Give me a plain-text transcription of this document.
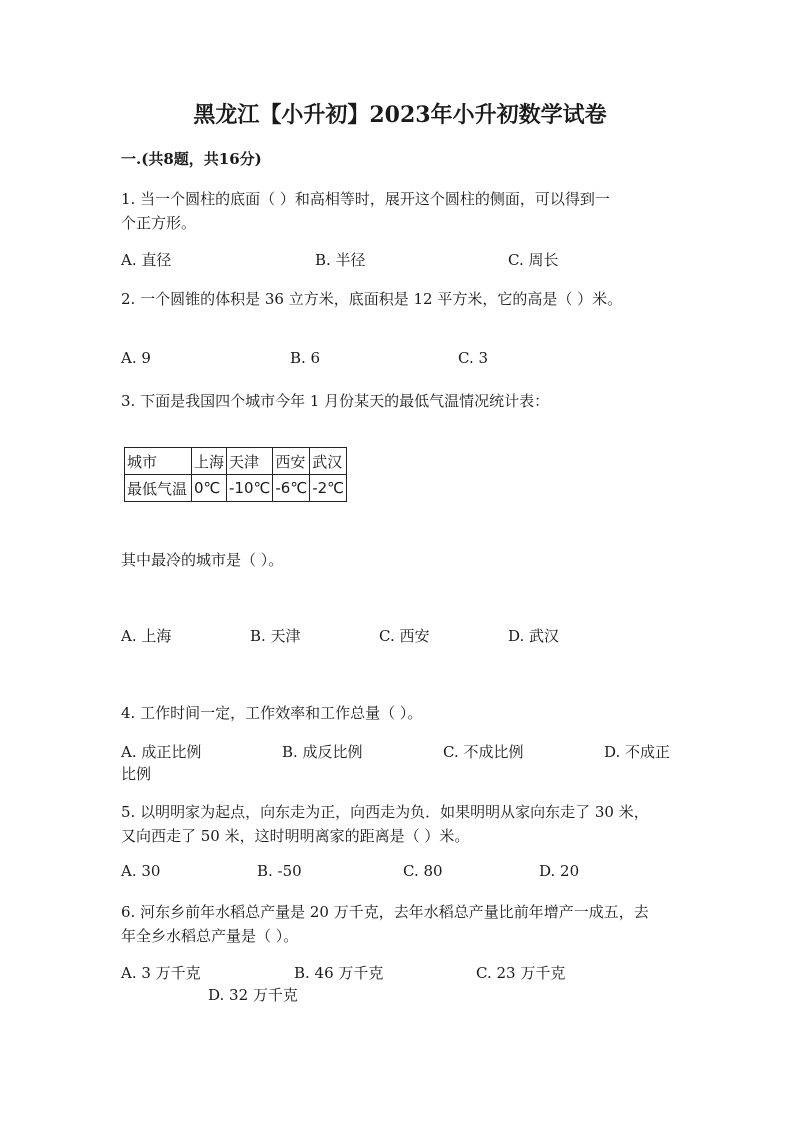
黑龙江【小升初】2023年小升初数学试卷
一.(共8题，共16分)
1. 当一个圆柱的底面（ ）和高相等时，展开这个圆柱的侧面，可以得到一
个正方形。
A. 直径	B. 半径	C. 周长
2. 一个圆锥的体积是 36 立方米，底面积是 12 平方米，它的高是（ ）米。
A. 9	B. 6	C. 3
3. 下面是我国四个城市今年 1 月份某天的最低气温情况统计表：
城市	上海	天津	西安	武汉
最低气温	0℃	-10℃	-6℃	-2℃
其中最冷的城市是（ ）。
A. 上海	B. 天津	C. 西安	D. 武汉
4. 工作时间一定，工作效率和工作总量（ ）。
A. 成正比例	B. 成反比例	C. 不成比例	D. 不成正
比例
5. 以明明家为起点，向东走为正，向西走为负．如果明明从家向东走了 30 米，
又向西走了 50 米，这时明明离家的距离是（ ）米。
A. 30	B. -50	C. 80	D. 20
6. 河东乡前年水稻总产量是 20 万千克，去年水稻总产量比前年增产一成五，去
年全乡水稻总产量是（ ）。
A. 3 万千克	B. 46 万千克	C. 23 万千克
D. 32 万千克
